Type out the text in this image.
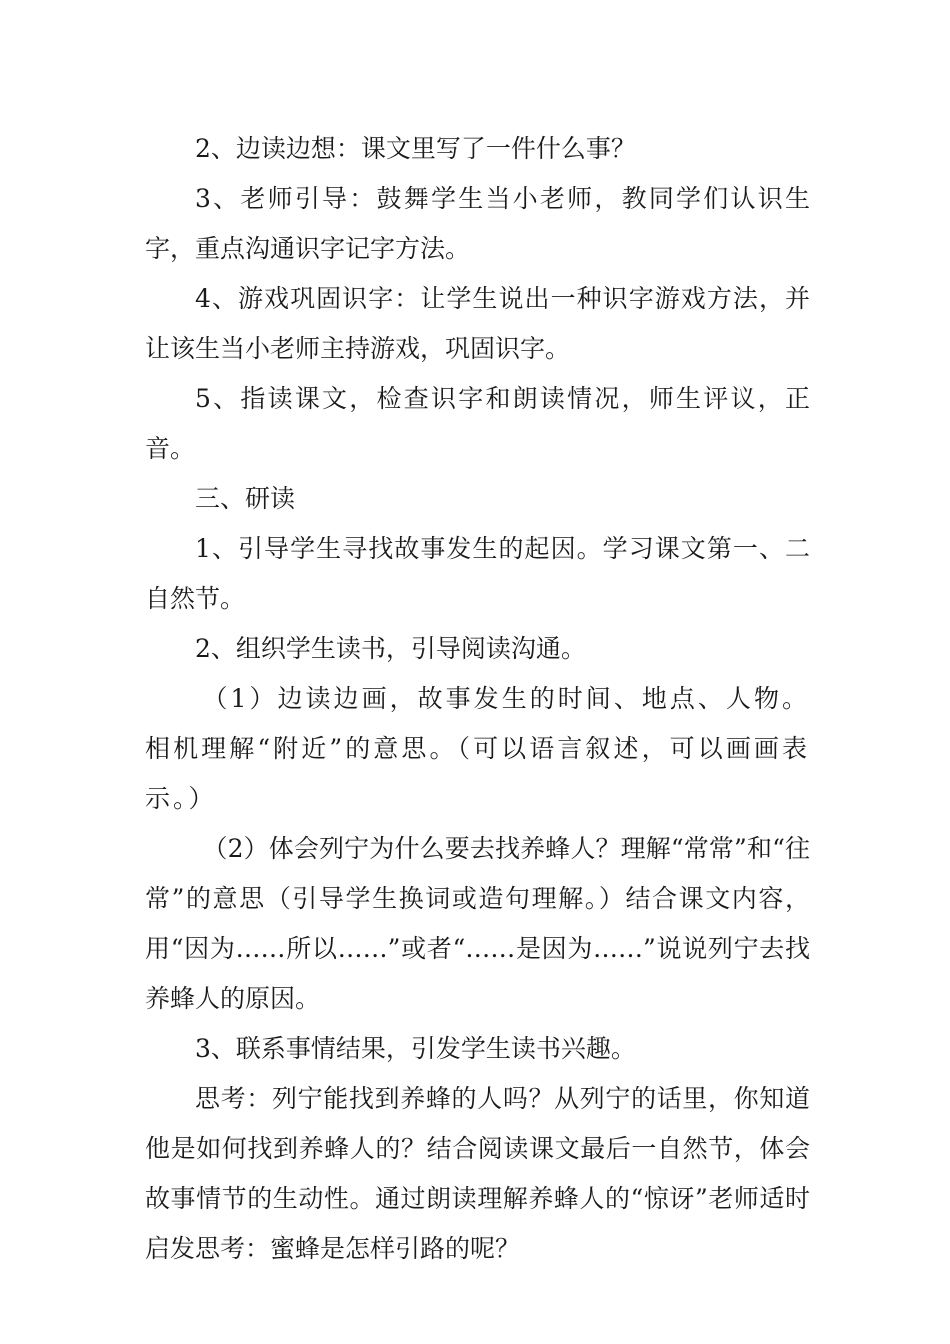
2、边读边想：课文里写了一件什么事？

3、老师引导：鼓舞学生当小老师，教同学们认识生字，重点沟通识字记字方法。

4、游戏巩固识字：让学生说出一种识字游戏方法，并让该生当小老师主持游戏，巩固识字。

5、指读课文，检查识字和朗读情况，师生评议，正音。

三、研读

1、引导学生寻找故事发生的起因。学习课文第一、二自然节。

2、组织学生读书，引导阅读沟通。

（1）边读边画，故事发生的时间、地点、人物。相机理解“附近”的意思。（可以语言叙述，可以画画表示。）

（2）体会列宁为什么要去找养蜂人？理解“常常”和“往常”的意思（引导学生换词或造句理解。）结合课文内容，用“因为……所以……”或者“……是因为……”说说列宁去找养蜂人的原因。

3、联系事情结果，引发学生读书兴趣。

思考：列宁能找到养蜂的人吗？从列宁的话里，你知道他是如何找到养蜂人的？结合阅读课文最后一自然节，体会故事情节的生动性。通过朗读理解养蜂人的“惊讶”老师适时启发思考：蜜蜂是怎样引路的呢？
